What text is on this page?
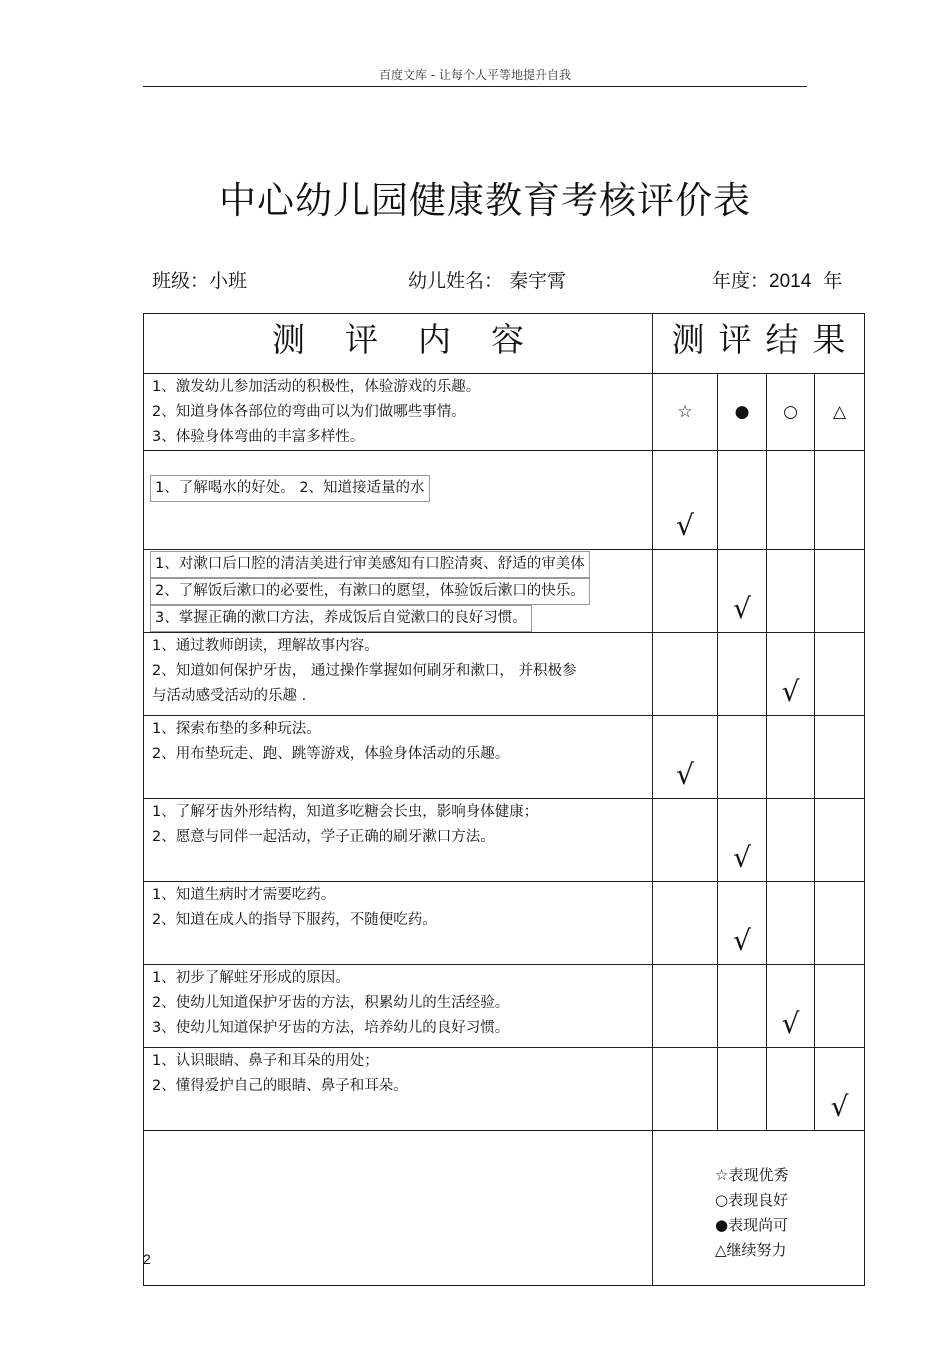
百度文库 - 让每个人平等地提升自我
中心幼儿园健康教育考核评价表
班级：小班	幼儿姓名： 秦宇霄	年度：2014 年
测评内容	测评结果			

1、激发幼儿参加活动的积极性，体验游戏的乐趣。
2、知道身体各部位的弯曲可以为们做哪些事情。
3、体验身体弯曲的丰富多样性。	☆	●	○	△

1、了解喝水的好处。 2、知道接适量的水	√			

1、对漱口后口腔的清洁美进行审美感知有口腔清爽、舒适的审美体
2、了解饭后漱口的必要性，有漱口的愿望，体验饭后漱口的快乐。
3、掌握正确的漱口方法，养成饭后自觉漱口的良好习惯。		√		

1、通过教师朗读，理解故事内容。
2、知道如何保护牙齿， 通过操作掌握如何刷牙和漱口， 并积极参
与活动感受活动的乐趣 .			√	

1、探索布垫的多种玩法。
2、用布垫玩走、跑、跳等游戏，体验身体活动的乐趣。	√			

1、了解牙齿外形结构，知道多吃糖会长虫，影响身体健康；
2、愿意与同伴一起活动，学子正确的刷牙漱口方法。		√		

1、知道生病时才需要吃药。
2、知道在成人的指导下服药，不随便吃药。		√		

1、初步了解蛀牙形成的原因。
2、使幼儿知道保护牙齿的方法，积累幼儿的生活经验。
3、使幼儿知道保护牙齿的方法，培养幼儿的良好习惯。			√	

1、认识眼睛、鼻子和耳朵的用处；
2、懂得爱护自己的眼睛、鼻子和耳朵。				√

	☆表现优秀
○表现良好
●表现尚可
△继续努力			
2
